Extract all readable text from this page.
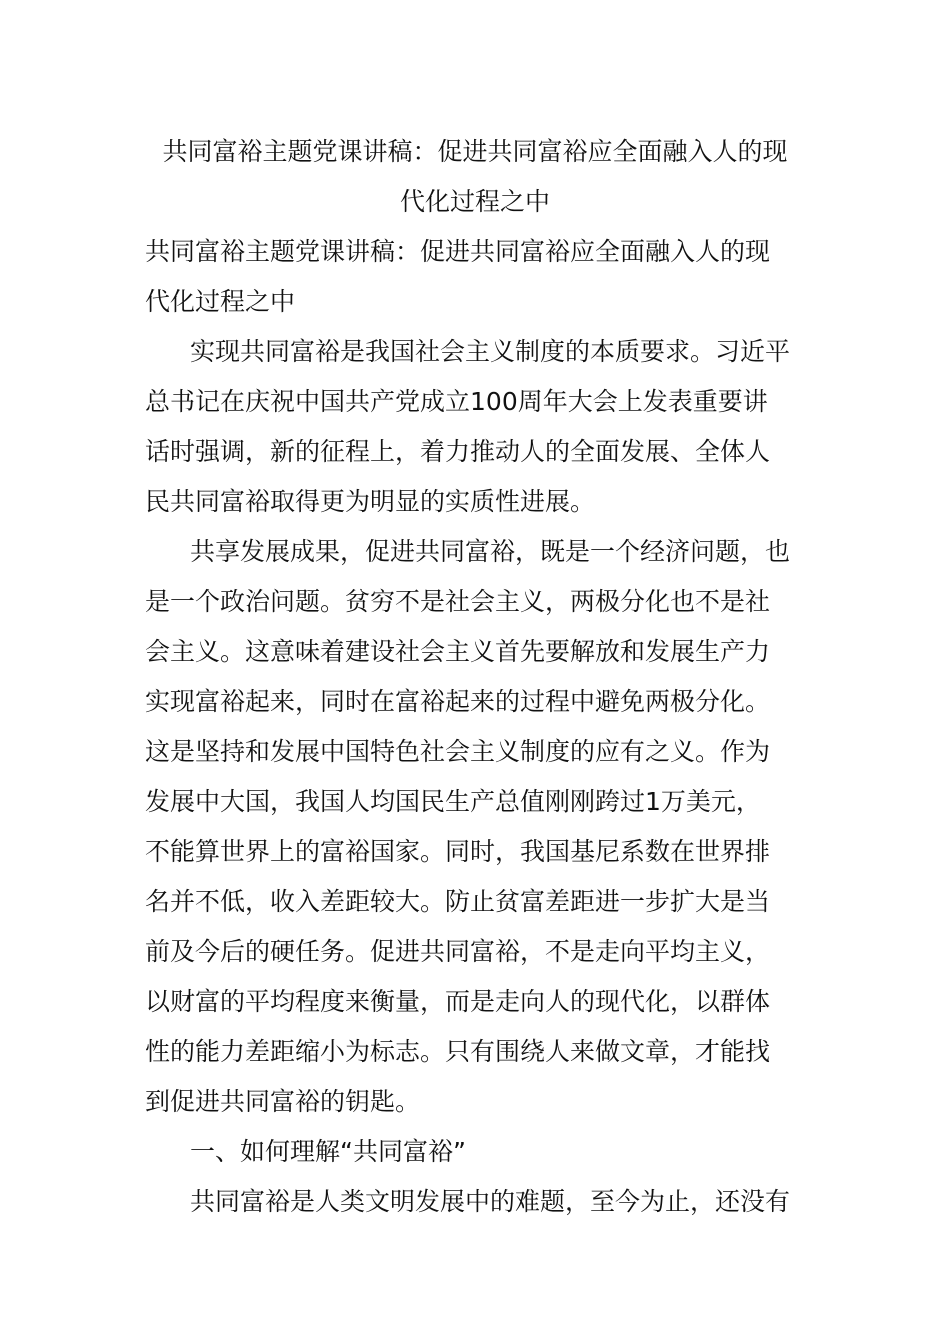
共同富裕主题党课讲稿：促进共同富裕应全面融入人的现
代化过程之中
共同富裕主题党课讲稿：促进共同富裕应全面融入人的现
代化过程之中
实现共同富裕是我国社会主义制度的本质要求。习近平
总书记在庆祝中国共产党成立100周年大会上发表重要讲
话时强调，新的征程上，着力推动人的全面发展、全体人
民共同富裕取得更为明显的实质性进展。
共享发展成果，促进共同富裕，既是一个经济问题，也
是一个政治问题。贫穷不是社会主义，两极分化也不是社
会主义。这意味着建设社会主义首先要解放和发展生产力
实现富裕起来，同时在富裕起来的过程中避免两极分化。
这是坚持和发展中国特色社会主义制度的应有之义。作为
发展中大国，我国人均国民生产总值刚刚跨过1万美元，
不能算世界上的富裕国家。同时，我国基尼系数在世界排
名并不低，收入差距较大。防止贫富差距进一步扩大是当
前及今后的硬任务。促进共同富裕，不是走向平均主义，
以财富的平均程度来衡量，而是走向人的现代化，以群体
性的能力差距缩小为标志。只有围绕人来做文章，才能找
到促进共同富裕的钥匙。
一、如何理解“共同富裕”
共同富裕是人类文明发展中的难题，至今为止，还没有
